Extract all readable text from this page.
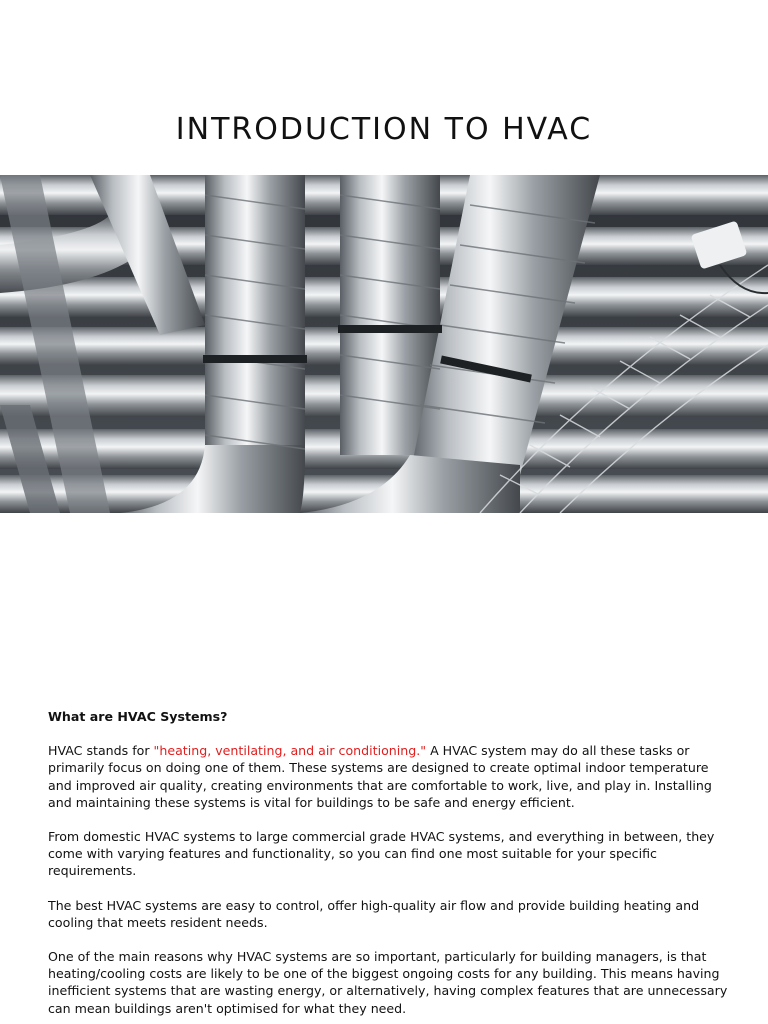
INTRODUCTION TO HVAC
What are HVAC Systems?

HVAC stands for "heating, ventilating, and air conditioning." A HVAC system may do all these tasks or primarily focus on doing one of them. These systems are designed to create optimal indoor temperature and improved air quality, creating environments that are comfortable to work, live, and play in. Installing and maintaining these systems is vital for buildings to be safe and energy efficient.

From domestic HVAC systems to large commercial grade HVAC systems, and everything in between, they come with varying features and functionality, so you can find one most suitable for your specific requirements.

The best HVAC systems are easy to control, offer high-quality air flow and provide building heating and cooling that meets resident needs.

One of the main reasons why HVAC systems are so important, particularly for building managers, is that heating/cooling costs are likely to be one of the biggest ongoing costs for any building. This means having inefficient systems that are wasting energy, or alternatively, having complex features that are unnecessary can mean buildings aren't optimised for what they need.
